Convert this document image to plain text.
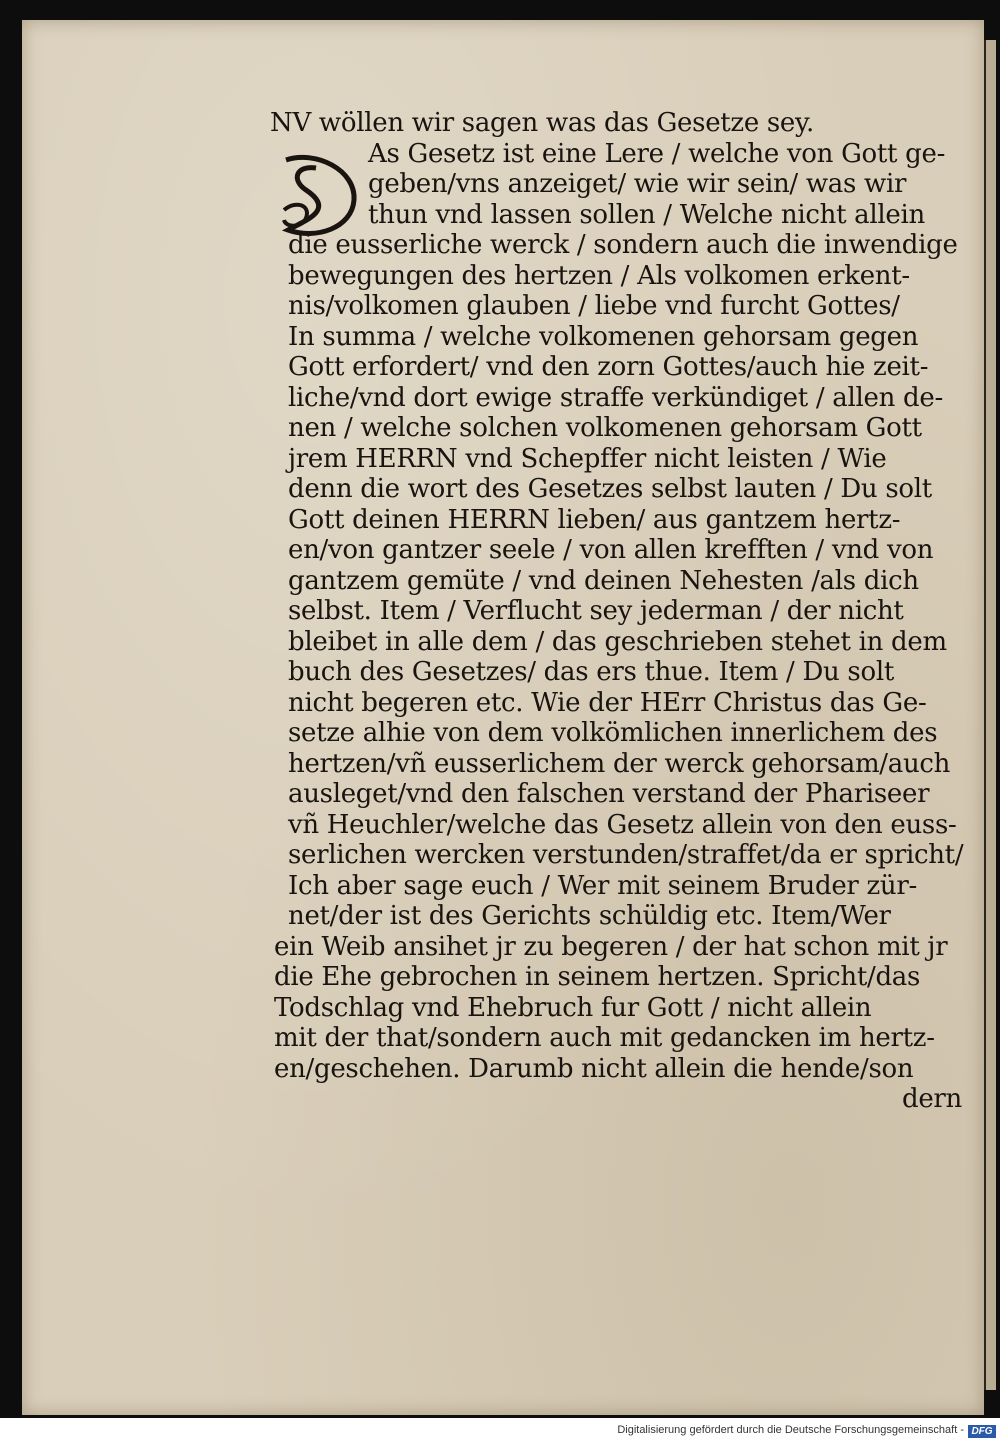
NV wöllen wir sagen was das Gesetze sey.
As Gesetz ist eine Lere / welche von Gott ge-
geben/vns anzeiget/ wie wir sein/ was wir
thun vnd lassen sollen / Welche nicht allein
die eusserliche werck / sondern auch die inwendige
bewegungen des hertzen / Als volkomen erkent-
nis/volkomen glauben / liebe vnd furcht Gottes/
In summa / welche volkomenen gehorsam gegen
Gott erfordert/ vnd den zorn Gottes/auch hie zeit-
liche/vnd dort ewige straffe verkündiget / allen de-
nen / welche solchen volkomenen gehorsam Gott
jrem HERRN vnd Schepffer nicht leisten / Wie
denn die wort des Gesetzes selbst lauten / Du solt
Gott deinen HERRN lieben/ aus gantzem hertz-
en/von gantzer seele / von allen krefften / vnd von
gantzem gemüte / vnd deinen Nehesten /als dich
selbst. Item / Verflucht sey jederman / der nicht
bleibet in alle dem / das geschrieben stehet in dem
buch des Gesetzes/ das ers thue. Item / Du solt
nicht begeren etc. Wie der HErr Christus das Ge-
setze alhie von dem volkömlichen innerlichem des
hertzen/vñ eusserlichem der werck gehorsam/auch
ausleget/vnd den falschen verstand der Phariseer
vñ Heuchler/welche das Gesetz allein von den euss-
serlichen wercken verstunden/straffet/da er spricht/
Ich aber sage euch / Wer mit seinem Bruder zür-
net/der ist des Gerichts schüldig etc. Item/Wer
ein Weib ansihet jr zu begeren / der hat schon mit jr
die Ehe gebrochen in seinem hertzen. Spricht/das
Todschlag vnd Ehebruch fur Gott / nicht allein
mit der that/sondern auch mit gedancken im hertz-
en/geschehen. Darumb nicht allein die hende/son
dern
Digitalisierung gefördert durch die Deutsche Forschungsgemeinschaft - DFG
